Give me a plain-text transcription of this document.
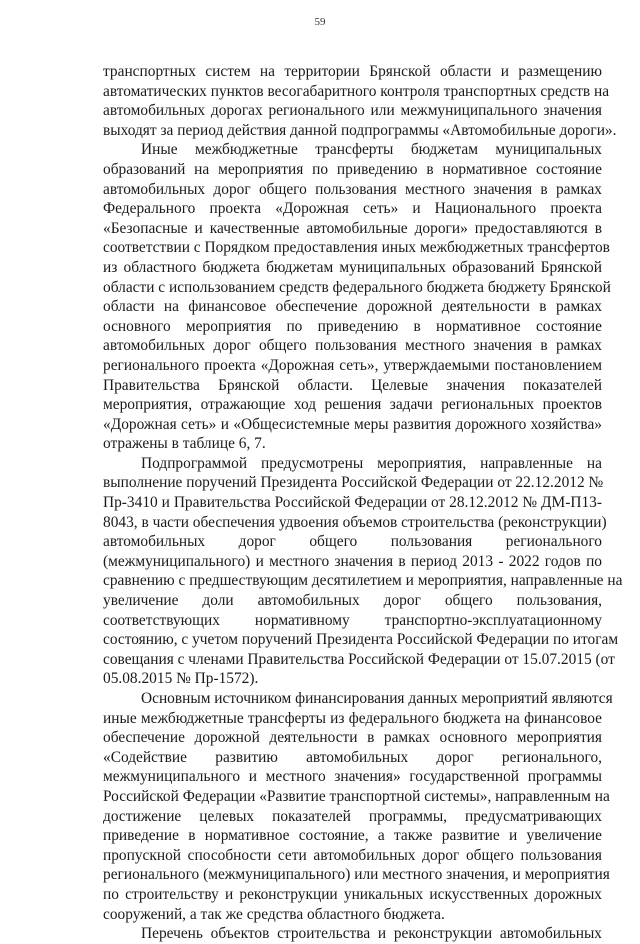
59
транспортных систем на территории Брянской области и размещению
автоматических пунктов весогабаритного контроля транспортных средств на
автомобильных дорогах регионального или межмуниципального значения
выходят за период действия данной подпрограммы «Автомобильные дороги».
Иные межбюджетные трансферты бюджетам муниципальных
образований на мероприятия по приведению в нормативное состояние
автомобильных дорог общего пользования местного значения в рамках
Федерального проекта «Дорожная сеть» и Национального проекта
«Безопасные и качественные автомобильные дороги» предоставляются в
соответствии с Порядком предоставления иных межбюджетных трансфертов
из областного бюджета бюджетам муниципальных образований Брянской
области с использованием средств федерального бюджета бюджету Брянской
области на финансовое обеспечение дорожной деятельности в рамках
основного мероприятия по приведению в нормативное состояние
автомобильных дорог общего пользования местного значения в рамках
регионального проекта «Дорожная сеть», утверждаемыми постановлением
Правительства Брянской области. Целевые значения показателей
мероприятия, отражающие ход решения задачи региональных проектов
«Дорожная сеть» и «Общесистемные меры развития дорожного хозяйства»
отражены в таблице 6, 7.
Подпрограммой предусмотрены мероприятия, направленные на
выполнение поручений Президента Российской Федерации от 22.12.2012 №
Пр-3410 и Правительства Российской Федерации от 28.12.2012 № ДМ-П13-
8043, в части обеспечения удвоения объемов строительства (реконструкции)
автомобильных дорог общего пользования регионального
(межмуниципального) и местного значения в период 2013 - 2022 годов по
сравнению с предшествующим десятилетием и мероприятия, направленные на
увеличение доли автомобильных дорог общего пользования,
соответствующих нормативному транспортно-эксплуатационному
состоянию, с учетом поручений Президента Российской Федерации по итогам
совещания с членами Правительства Российской Федерации от 15.07.2015 (от
05.08.2015 № Пр-1572).
Основным источником финансирования данных мероприятий являются
иные межбюджетные трансферты из федерального бюджета на финансовое
обеспечение дорожной деятельности в рамках основного мероприятия
«Содействие развитию автомобильных дорог регионального,
межмуниципального и местного значения» государственной программы
Российской Федерации «Развитие транспортной системы», направленным на
достижение целевых показателей программы, предусматривающих
приведение в нормативное состояние, а также развитие и увеличение
пропускной способности сети автомобильных дорог общего пользования
регионального (межмуниципального) или местного значения, и мероприятия
по строительству и реконструкции уникальных искусственных дорожных
сооружений, а так же средства областного бюджета.
Перечень объектов строительства и реконструкции автомобильных
